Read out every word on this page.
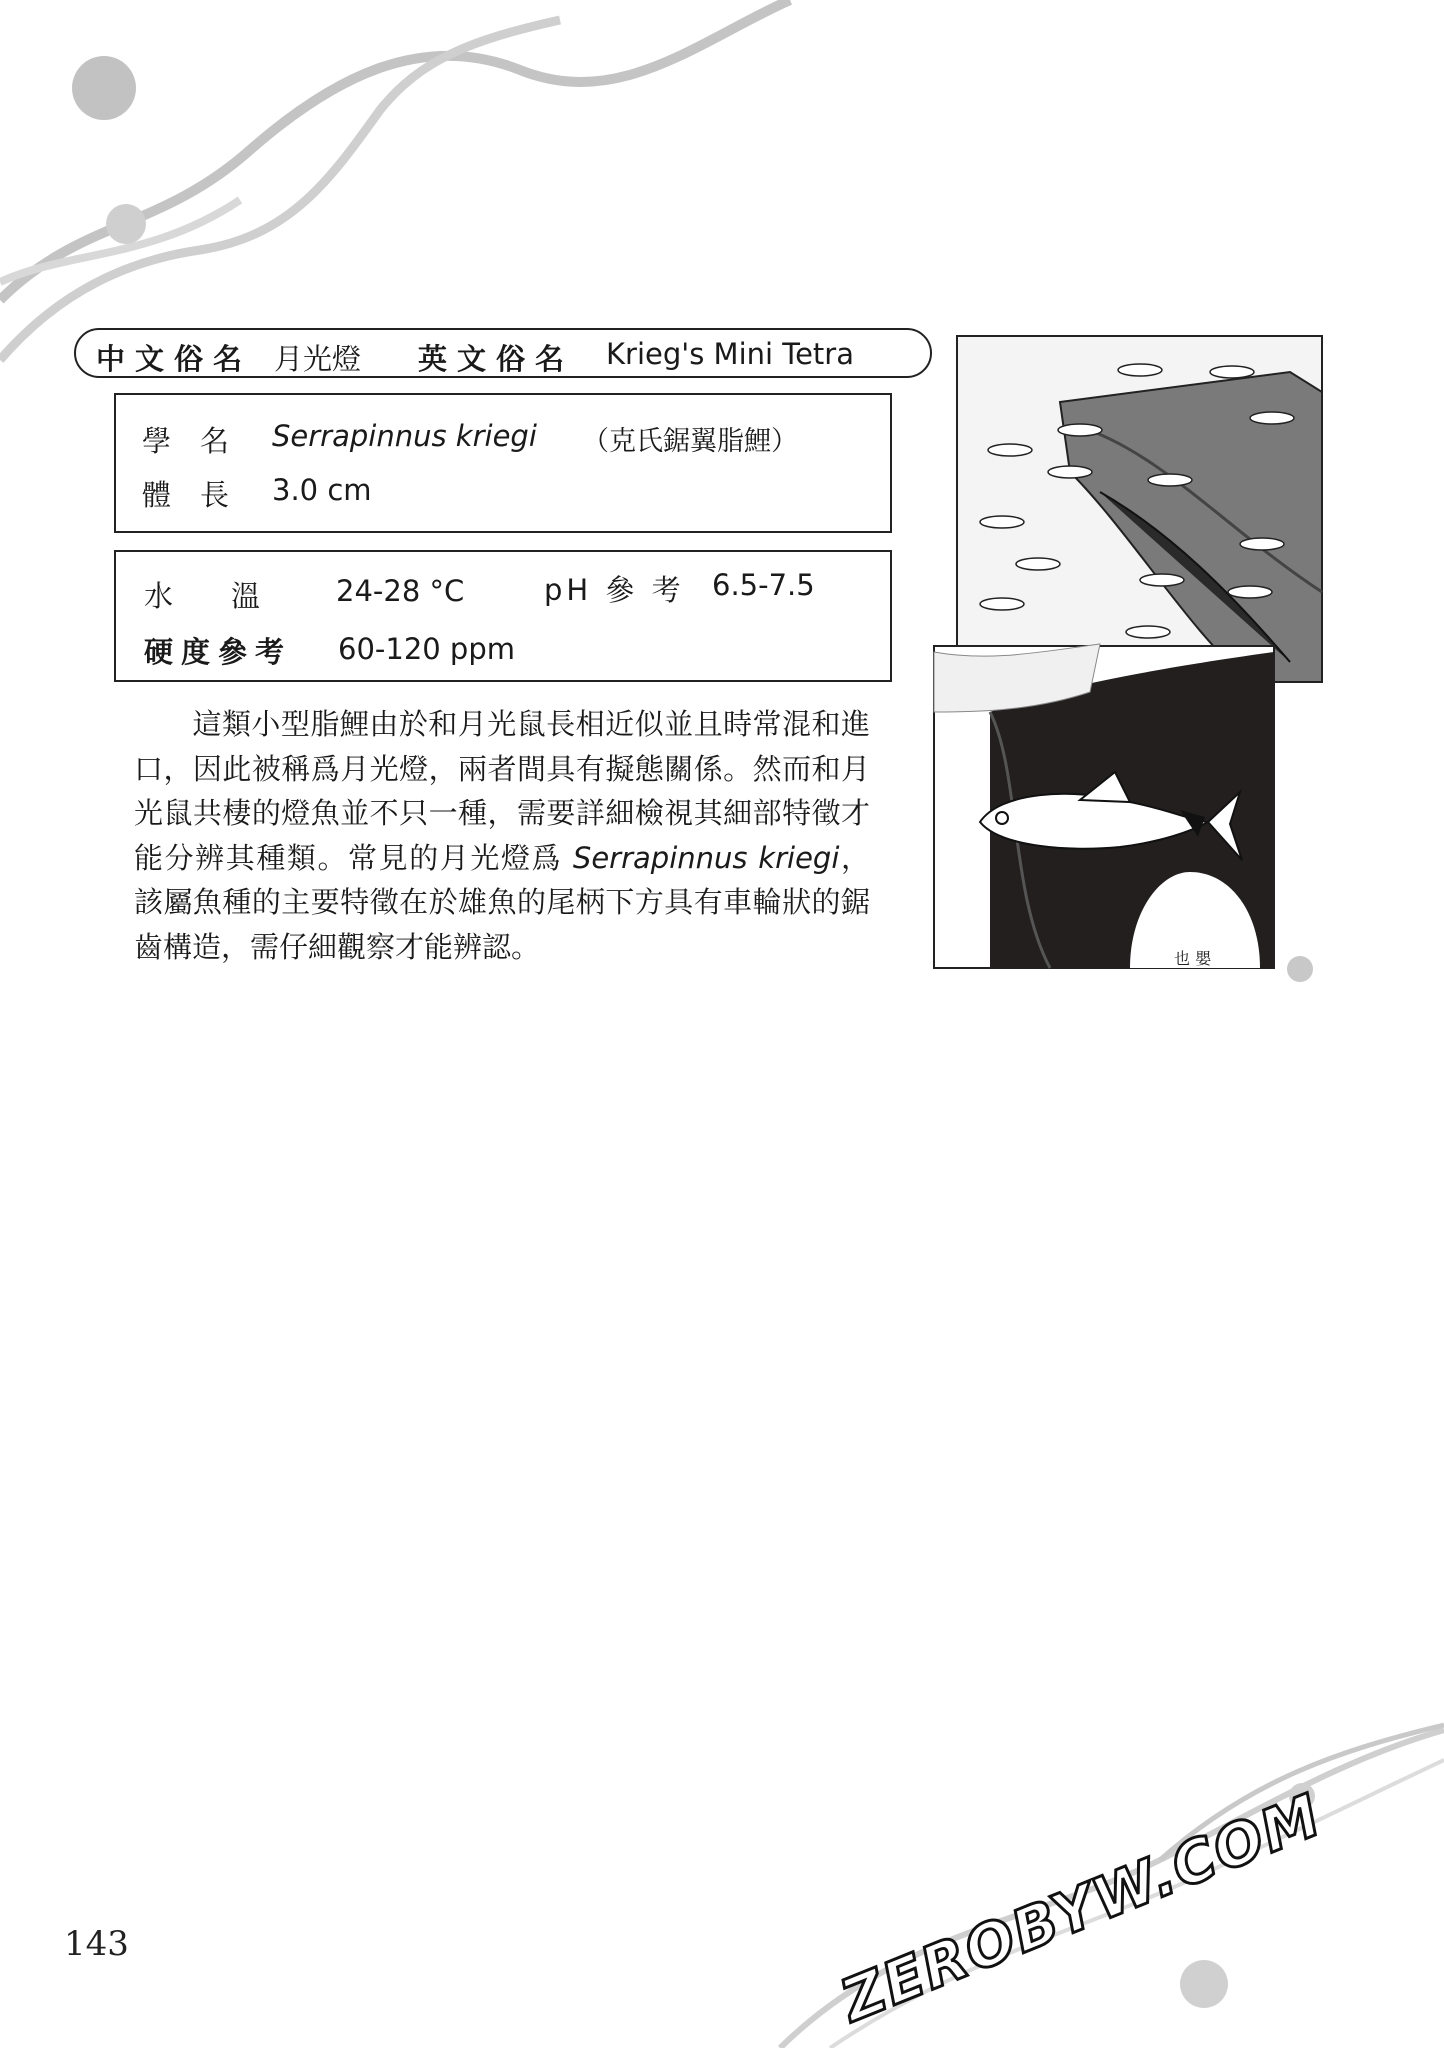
中文俗名 月光燈 英文俗名 Krieg's Mini Tetra
學　名 Serrapinnus kriegi （克氏鋸翼脂鯉）
體　長 3.0 cm
水　　溫	24-28 °C	pH 參 考 6.5-7.5
硬度參考 60-120 ppm
這類小型脂鯉由於和月光鼠長相近似並且時常混和進口，因此被稱爲月光燈，兩者間具有擬態關係。然而和月光鼠共棲的燈魚並不只一種，需要詳細檢視其細部特徵才能分辨其種類。常見的月光燈爲 Serrapinnus kriegi，該屬魚種的主要特徵在於雄魚的尾柄下方具有車輪狀的鋸齒構造，需仔細觀察才能辨認。	也 嬰
143	ZEROBYW.COM
